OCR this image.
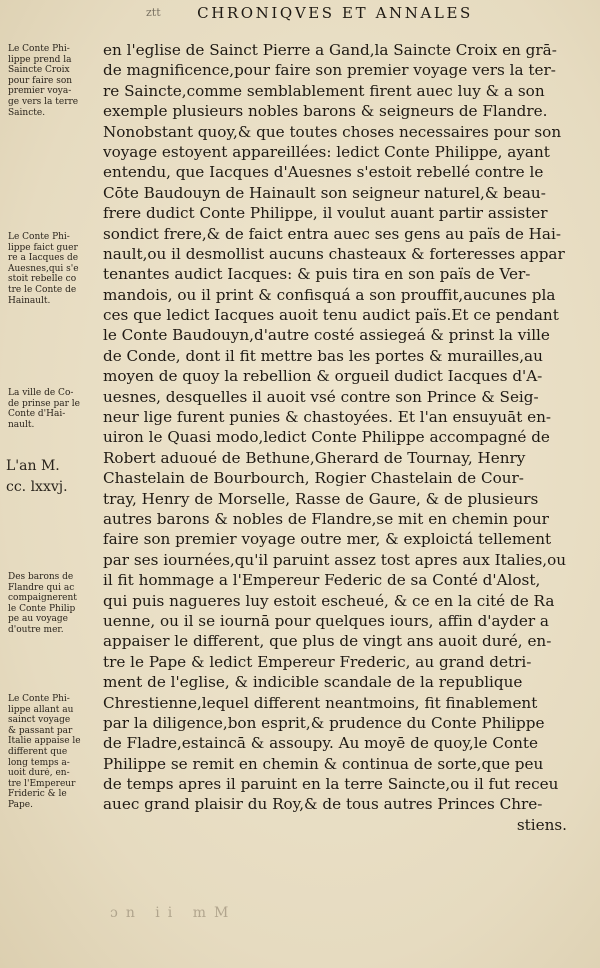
ztt	CHRONIQVES ET ANNALES
Le Conte Phi-
lippe prend la
Saincte Croix
pour faire son
premier voya-
ge vers la terre
Saincte.
Le Conte Phi-
lippe faict guer
re a Iacques de
Auesnes,qui s'e
stoit rebelle co
tre le Conte de
Hainault.
La ville de Co-
de prinse par le
Conte d'Hai-
nault.
L'an M.
cc. lxxvj.
Des barons de
Flandre qui ac
compaignerent
le Conte Philip
pe au voyage
d'outre mer.
Le Conte Phi-
lippe allant au
sainct voyage
& passant par
Italie appaise le
different que
long temps a-
uoit duré, en-
tre l'Empereur
Frideric & le
Pape.
en l'eglise de Sainct Pierre a Gand,la Saincte Croix en grā-
de magnificence,pour faire son premier voyage vers la ter-
re Saincte,comme semblablement firent auec luy & a son
exemple plusieurs nobles barons & seigneurs de Flandre.
Nonobstant quoy,& que toutes choses necessaires pour son
voyage estoyent appareillées: ledict Conte Philippe, ayant
entendu, que Iacques d'Auesnes s'estoit rebellé contre le
Cōte Baudouyn de Hainault son seigneur naturel,& beau-
frere dudict Conte Philippe, il voulut auant partir assister
sondict frere,& de faict entra auec ses gens au païs de Hai-
nault,ou il desmollist aucuns chasteaux & forteresses appar
tenantes audict Iacques: & puis tira en son païs de Ver-
mandois, ou il print & confisquá a son prouffit,aucunes pla
ces que ledict Iacques auoit tenu audict païs.Et ce pendant
le Conte Baudouyn,d'autre costé assiegeá & prinst la ville
de Conde, dont il fit mettre bas les portes & murailles,au
moyen de quoy la rebellion & orgueil dudict Iacques d'A-
uesnes, desquelles il auoit vsé contre son Prince & Seig-
neur lige furent punies & chastoyées. Et l'an ensuyuāt en-
uiron le Quasi modo,ledict Conte Philippe accompagné de
Robert aduoué de Bethune,Gherard de Tournay, Henry
Chastelain de Bourbourch, Rogier Chastelain de Cour-
tray, Henry de Morselle, Rasse de Gaure, & de plusieurs
autres barons & nobles de Flandre,se mit en chemin pour
faire son premier voyage outre mer, & exploictá tellement
par ses iournées,qu'il paruint assez tost apres aux Italies,ou
il fit hommage a l'Empereur Federic de sa Conté d'Alost,
qui puis nagueres luy estoit escheué, & ce en la cité de Ra
uenne, ou il se iournā pour quelques iours, affin d'ayder a
appaiser le different, que plus de vingt ans auoit duré, en-
tre le Pape & ledict Empereur Frederic, au grand detri-
ment de l'eglise, & indicible scandale de la republique
Chrestienne,lequel different neantmoins, fit finablement
par la diligence,bon esprit,& prudence du Conte Philippe
de Fladre,estaincā & assoupy. Au moyē de quoy,le Conte
Philippe se remit en chemin & continua de sorte,que peu
de temps apres il paruint en la terre Saincte,ou il fut receu
auec grand plaisir du Roy,& de tous autres Princes Chre-
stiens.
ɔn ii mM
